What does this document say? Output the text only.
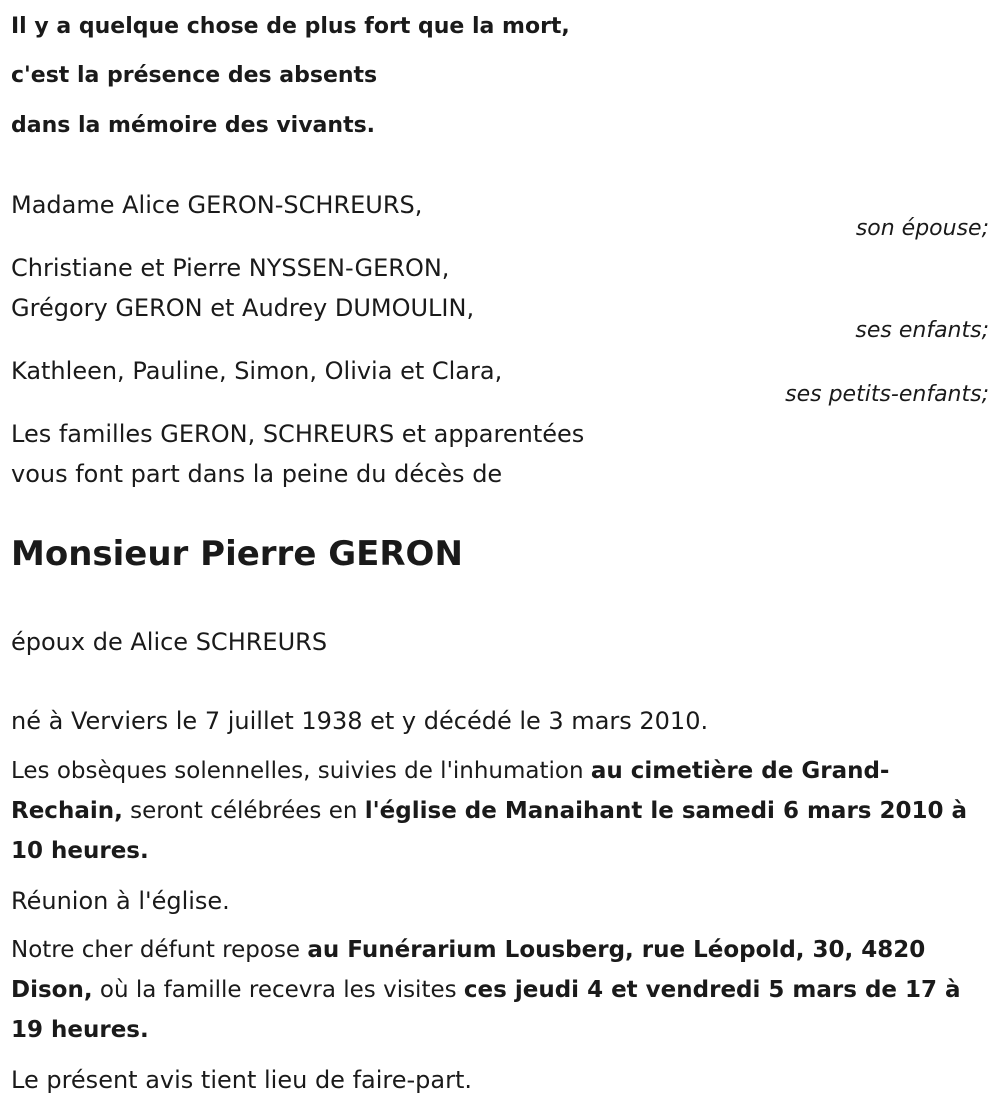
Il y a quelque chose de plus fort que la mort,
c'est la présence des absents
dans la mémoire des vivants.
Madame Alice GERON-SCHREURS,
son épouse;
Christiane et Pierre NYSSEN-GERON,
Grégory GERON et Audrey DUMOULIN,
ses enfants;
Kathleen, Pauline, Simon, Olivia et Clara,
ses petits-enfants;
Les familles GERON, SCHREURS et apparentées
vous font part dans la peine du décès de
Monsieur Pierre GERON
époux de Alice SCHREURS
né à Verviers le 7 juillet 1938 et y décédé le 3 mars 2010.
Les obsèques solennelles, suivies de l'inhumation au cimetière de Grand-Rechain, seront célébrées en l'église de Manaihant le samedi 6 mars 2010 à 10 heures.
Réunion à l'église.
Notre cher défunt repose au Funérarium Lousberg, rue Léopold, 30, 4820 Dison, où la famille recevra les visites ces jeudi 4 et vendredi 5 mars de 17 à 19 heures.
Le présent avis tient lieu de faire-part.
